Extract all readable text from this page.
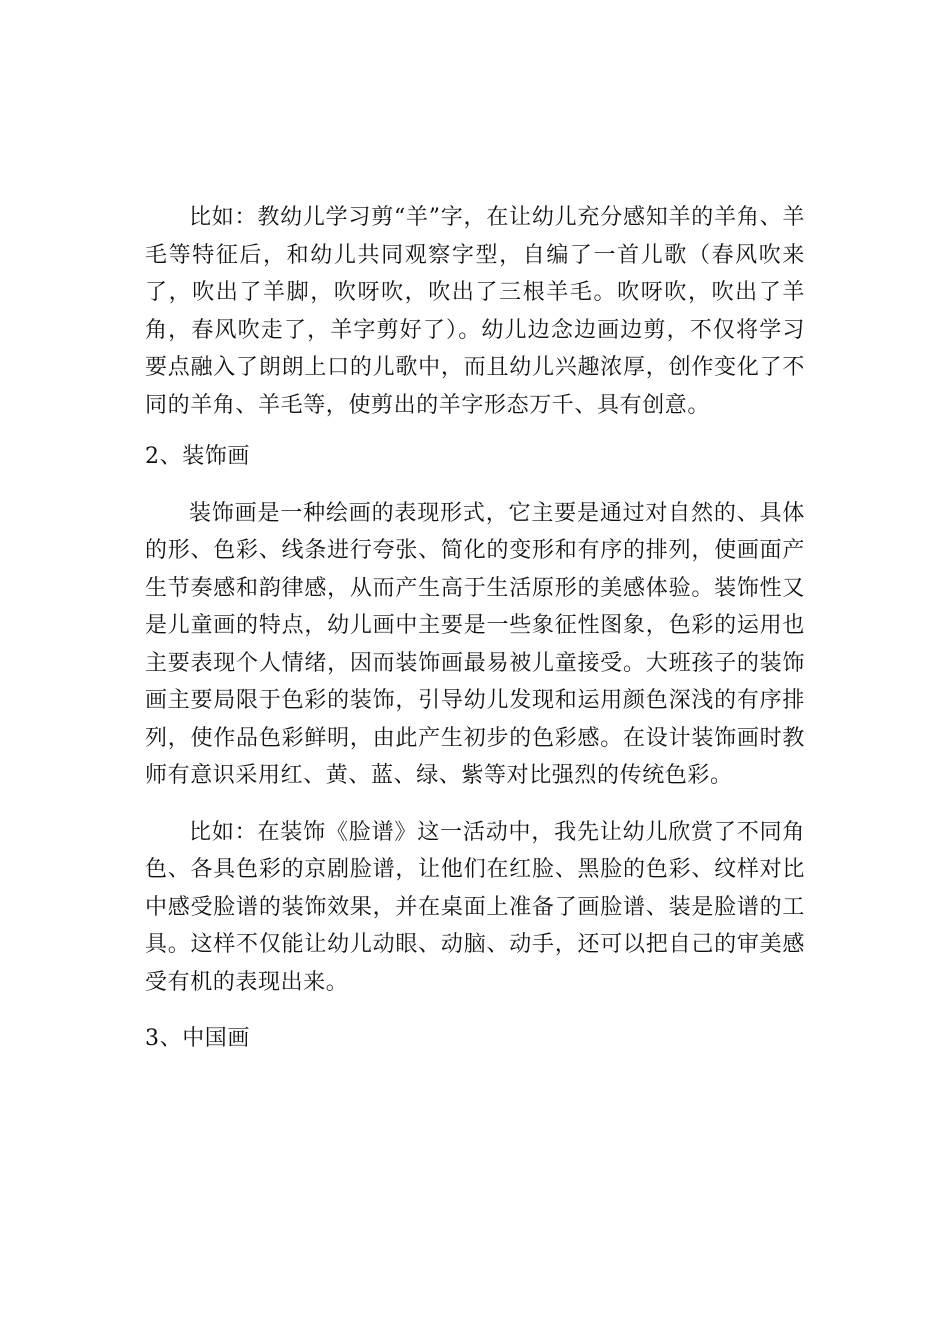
比如：教幼儿学习剪“羊”字，在让幼儿充分感知羊的羊角、羊毛等特征后，和幼儿共同观察字型，自编了一首儿歌（春风吹来了，吹出了羊脚，吹呀吹，吹出了三根羊毛。吹呀吹，吹出了羊角，春风吹走了，羊字剪好了）。幼儿边念边画边剪，不仅将学习要点融入了朗朗上口的儿歌中，而且幼儿兴趣浓厚，创作变化了不同的羊角、羊毛等，使剪出的羊字形态万千、具有创意。

2、装饰画

装饰画是一种绘画的表现形式，它主要是通过对自然的、具体的形、色彩、线条进行夸张、简化的变形和有序的排列，使画面产生节奏感和韵律感，从而产生高于生活原形的美感体验。装饰性又是儿童画的特点，幼儿画中主要是一些象征性图象，色彩的运用也主要表现个人情绪，因而装饰画最易被儿童接受。大班孩子的装饰画主要局限于色彩的装饰，引导幼儿发现和运用颜色深浅的有序排列，使作品色彩鲜明，由此产生初步的色彩感。在设计装饰画时教师有意识采用红、黄、蓝、绿、紫等对比强烈的传统色彩。

比如：在装饰《脸谱》这一活动中，我先让幼儿欣赏了不同角色、各具色彩的京剧脸谱，让他们在红脸、黑脸的色彩、纹样对比中感受脸谱的装饰效果，并在桌面上准备了画脸谱、装是脸谱的工具。这样不仅能让幼儿动眼、动脑、动手，还可以把自己的审美感受有机的表现出来。

3、中国画
